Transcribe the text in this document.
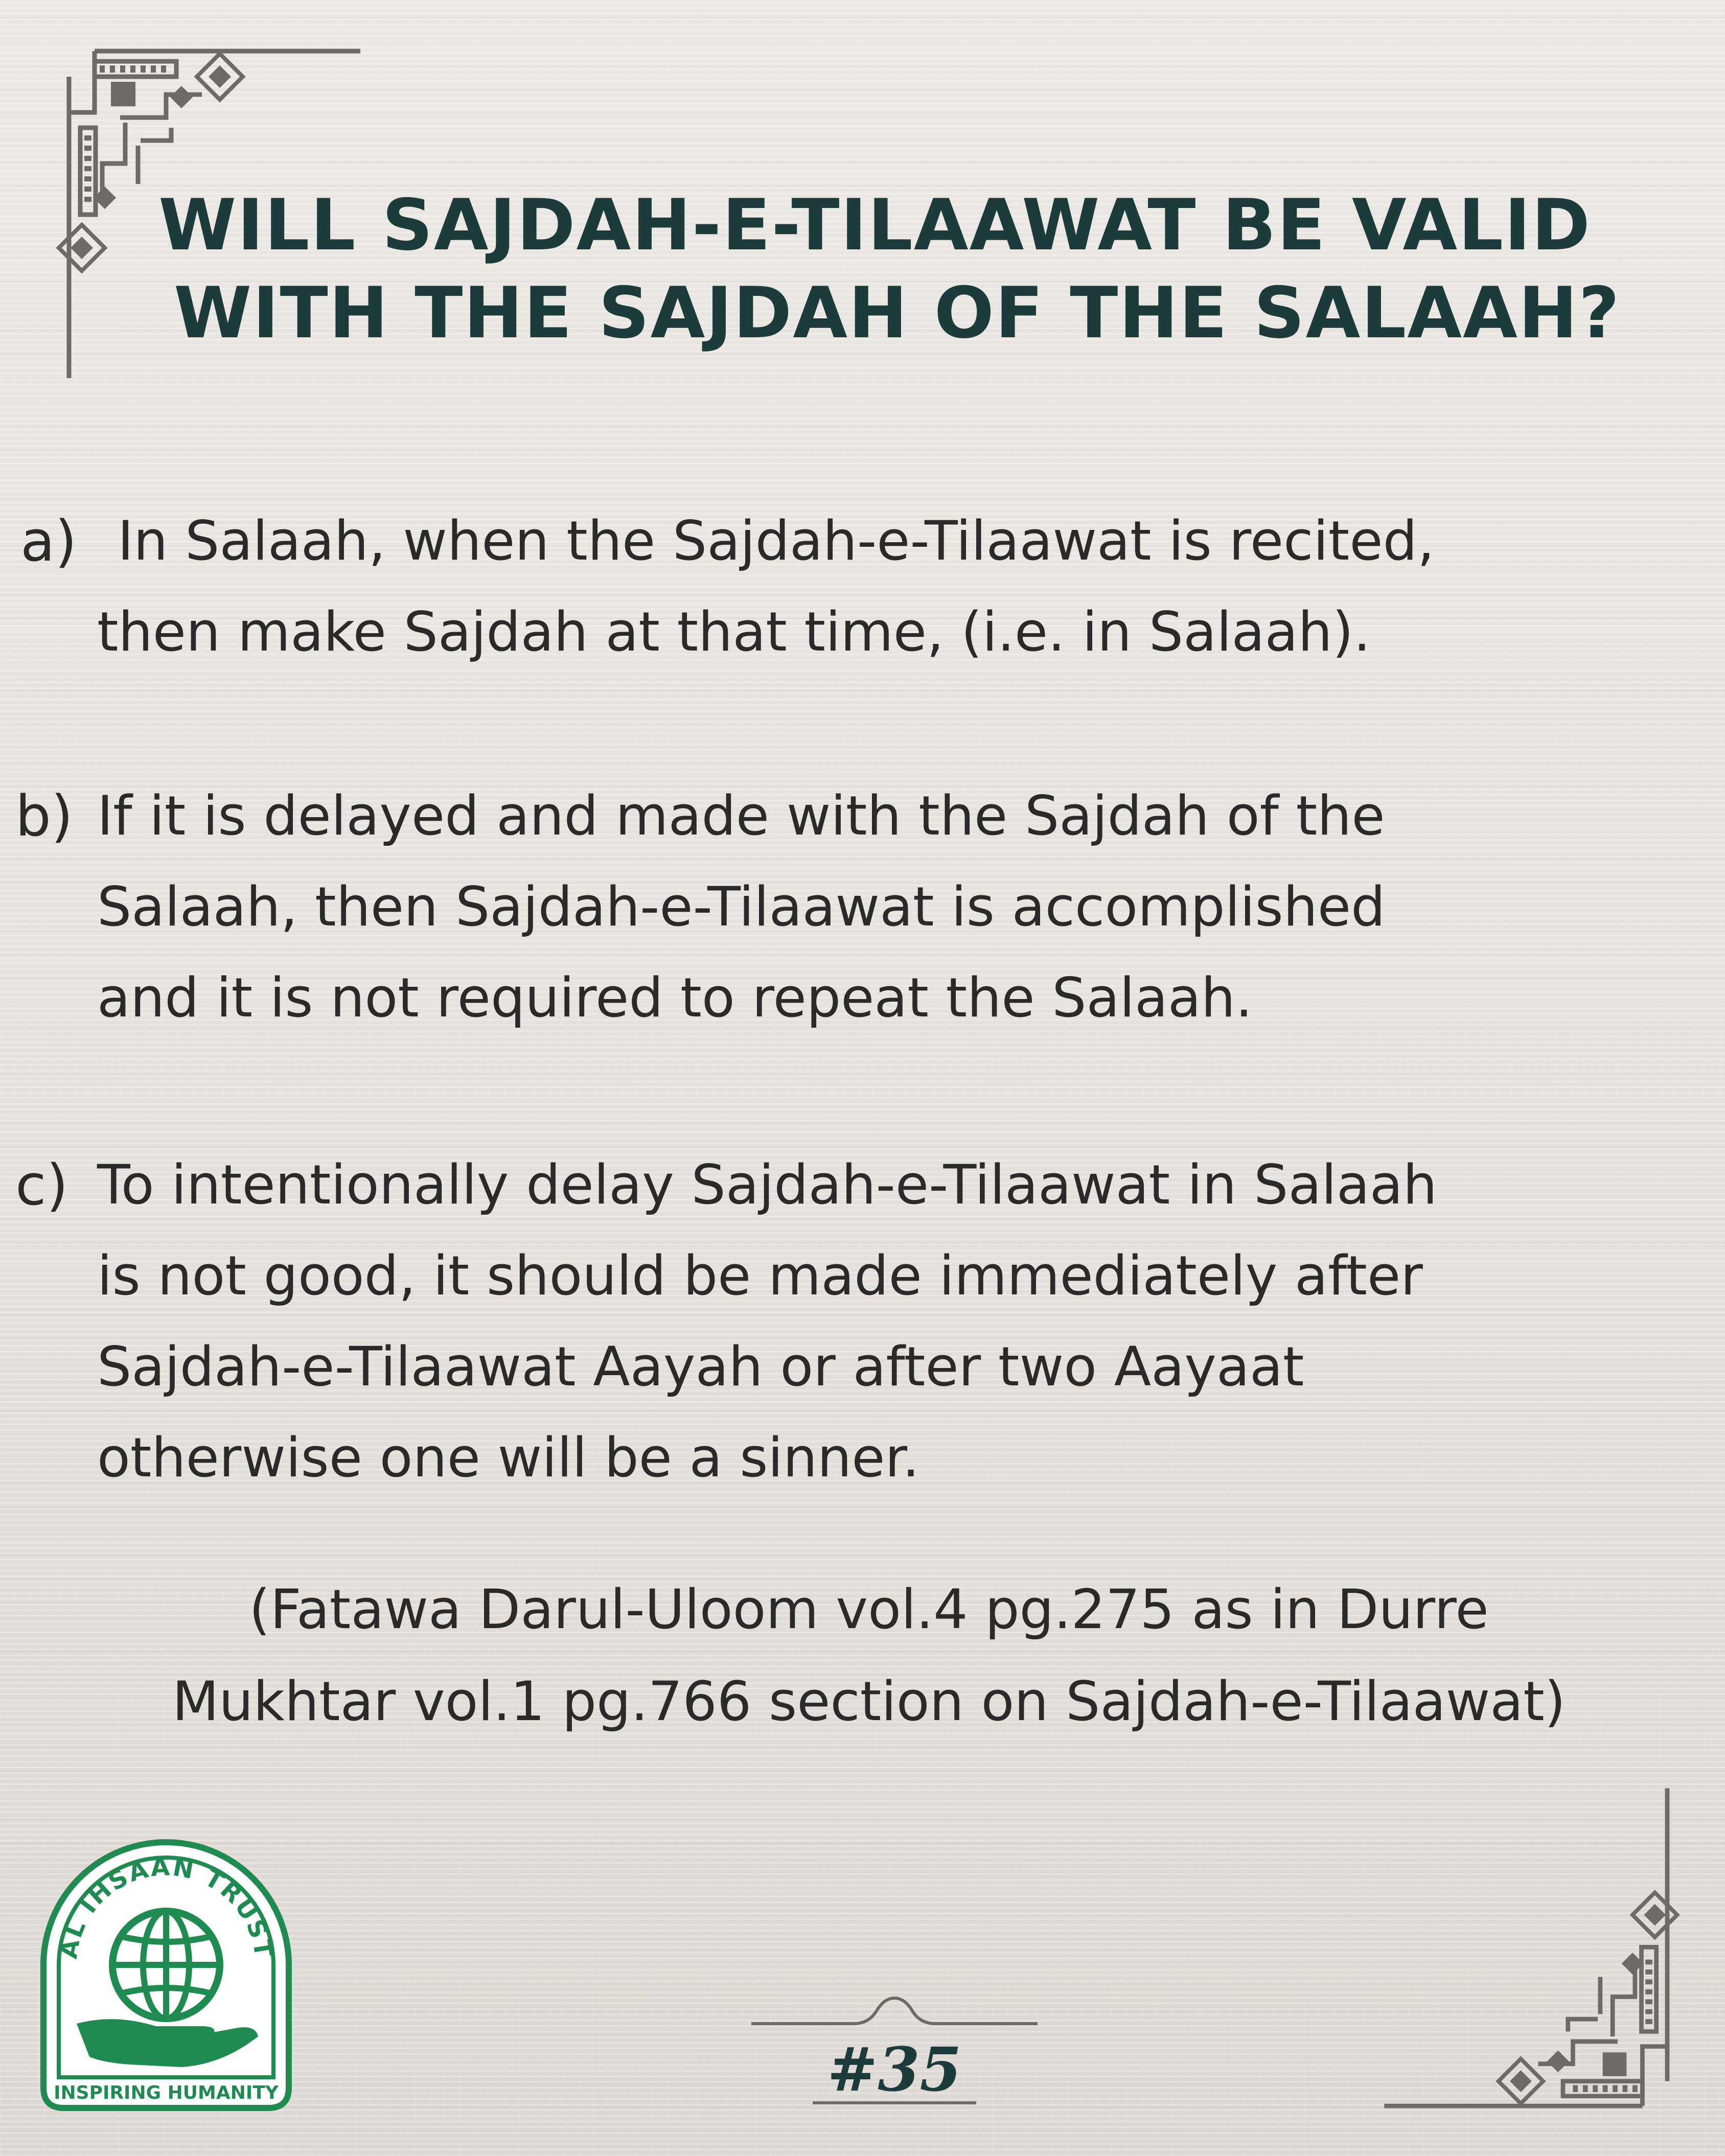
WILL SAJDAH-E-TILAAWAT BE VALID
WITH THE SAJDAH OF THE SALAAH?
a) In Salaah, when the Sajdah-e-Tilaawat is recited,
then make Sajdah at that time, (i.e. in Salaah).
b) If it is delayed and made with the Sajdah of the
Salaah, then Sajdah-e-Tilaawat is accomplished
and it is not required to repeat the Salaah.
c) To intentionally delay Sajdah-e-Tilaawat in Salaah
is not good, it should be made immediately after
Sajdah-e-Tilaawat Aayah or after two Aayaat
otherwise one will be a sinner.
(Fatawa Darul-Uloom vol.4 pg.275 as in Durre
Mukhtar vol.1 pg.766 section on Sajdah-e-Tilaawat)
AL IHSAAN TRUST
INSPIRING HUMANITY	#35
